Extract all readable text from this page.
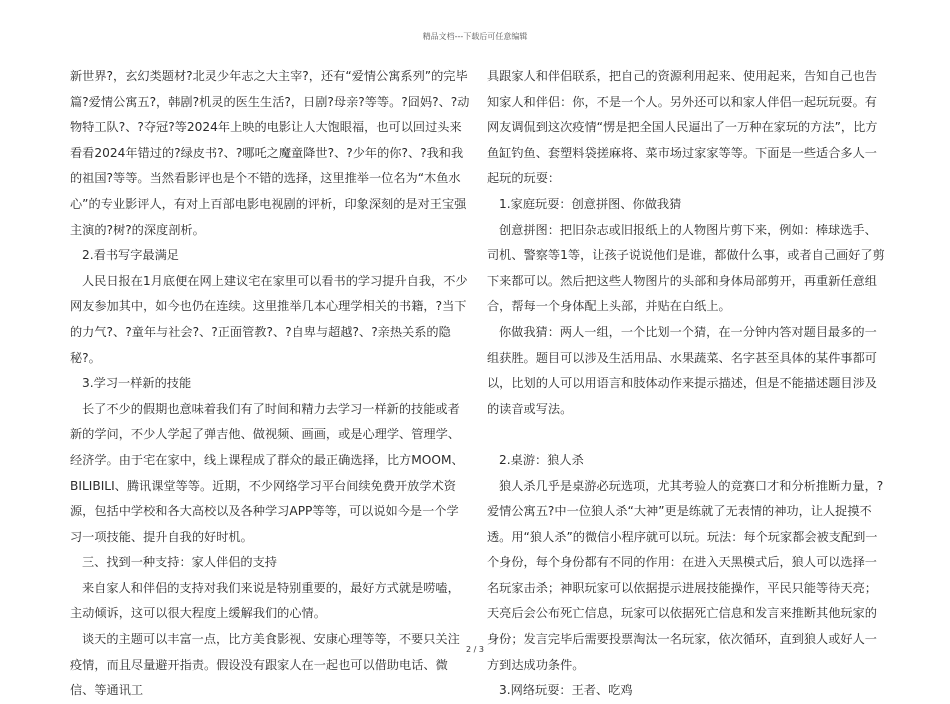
精品文档---下载后可任意编辑

新世界?，玄幻类题材?北灵少年志之大主宰?，还有“爱情公寓系列”的完毕篇?爱情公寓五?，韩剧?机灵的医生生活?，日剧?母亲?等等。?囧妈?、?动物特工队?、?夺冠?等2024年上映的电影让人大饱眼福，也可以回过头来看看2024年错过的?绿皮书?、?哪吒之魔童降世?、?少年的你?、?我和我的祖国?等等。当然看影评也是个不错的选择，这里推举一位名为“木鱼水心”的专业影评人，有对上百部电影电视剧的评析，印象深刻的是对王宝强主演的?树?的深度剖析。

2.看书写字最满足

人民日报在1月底便在网上建议宅在家里可以看书的学习提升自我，不少网友参加其中，如今也仍在连续。这里推举几本心理学相关的书籍，?当下的力气?、?童年与社会?、?正面管教?、?自卑与超越?、?亲热关系的隐秘?。

3.学习一样新的技能

长了不少的假期也意味着我们有了时间和精力去学习一样新的技能或者新的学问，不少人学起了弹吉他、做视频、画画，或是心理学、管理学、经济学。由于宅在家中，线上课程成了群众的最正确选择，比方MOOM、BILIBILI、腾讯课堂等等。近期，不少网络学习平台间续免费开放学术资源，包括中学校和各大高校以及各种学习APP等等，可以说如今是一个学习一项技能、提升自我的好时机。

三、找到一种支持：家人伴侣的支持

来自家人和伴侣的支持对我们来说是特别重要的，最好方式就是唠嗑，主动倾诉，这可以很大程度上缓解我们的心情。

谈天的主题可以丰富一点，比方美食影视、安康心理等等，不要只关注疫情，而且尽量避开指责。假设没有跟家人在一起也可以借助电话、微信、等通讯工

具跟家人和伴侣联系，把自己的资源利用起来、使用起来，告知自己也告知家人和伴侣：你，不是一个人。另外还可以和家人伴侣一起玩玩耍。有网友调侃到这次疫情“愣是把全国人民逼出了一万种在家玩的方法”，比方鱼缸钓鱼、套塑料袋搓麻将、菜市场过家家等等。下面是一些适合多人一起玩的玩耍：

1.家庭玩耍：创意拼图、你做我猜

创意拼图：把旧杂志或旧报纸上的人物图片剪下来，例如：棒球选手、司机、警察等1等，让孩子说说他们是谁，都做什么事，或者自己画好了剪下来都可以。然后把这些人物图片的头部和身体局部剪开，再重新任意组合，帮每一个身体配上头部，并贴在白纸上。

你做我猜：两人一组，一个比划一个猜，在一分钟内答对题目最多的一组获胜。题目可以涉及生活用品、水果蔬菜、名字甚至具体的某件事都可以，比划的人可以用语言和肢体动作来提示描述，但是不能描述题目涉及的读音或写法。

2.桌游：狼人杀

狼人杀几乎是桌游必玩选项，尤其考验人的竞赛口才和分析推断力量，?爱情公寓五?中一位狼人杀“大神”更是练就了无表情的神功，让人捉摸不透。用“狼人杀”的微信小程序就可以玩。玩法：每个玩家都会被支配到一个身份，每个身份都有不同的作用：在进入天黑模式后，狼人可以选择一名玩家击杀；神职玩家可以依据提示进展技能操作，平民只能等待天亮；天亮后会公布死亡信息，玩家可以依据死亡信息和发言来推断其他玩家的身份；发言完毕后需要投票淘汰一名玩家，依次循环，直到狼人或好人一方到达成功条件。

3.网络玩耍：王者、吃鸡

2 / 3
